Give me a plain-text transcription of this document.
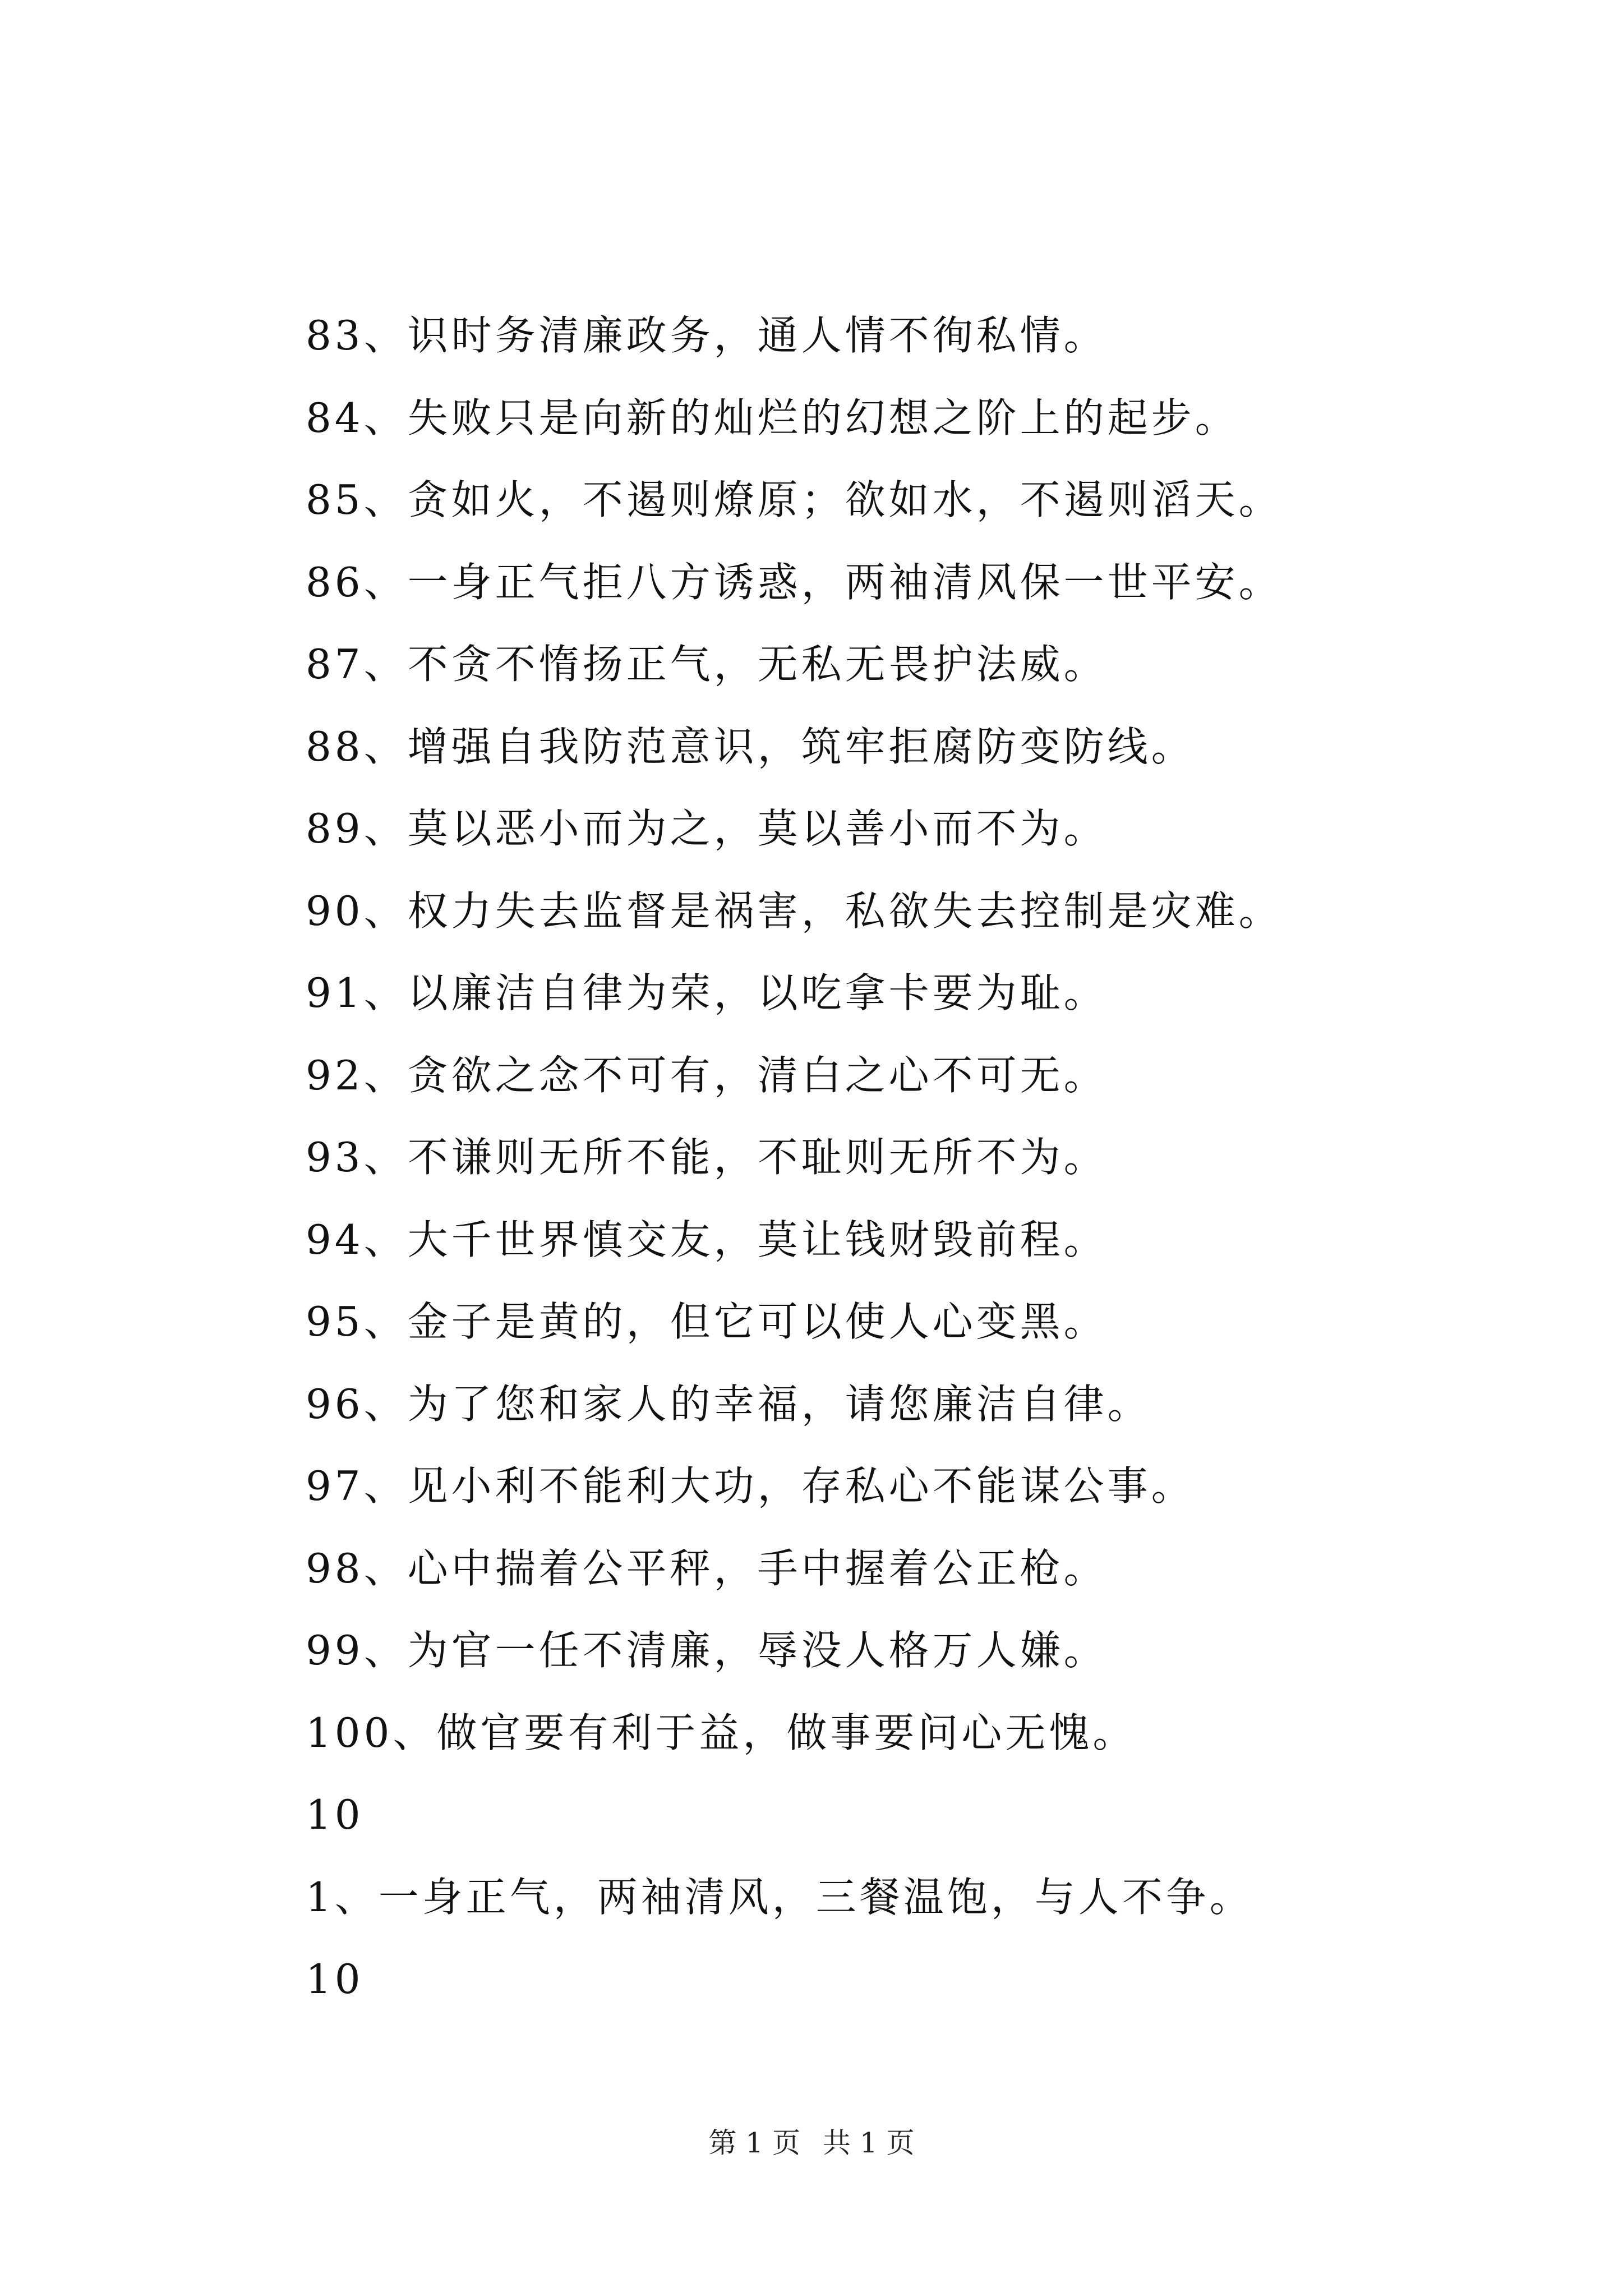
83、识时务清廉政务，通人情不徇私情。
84、失败只是向新的灿烂的幻想之阶上的起步。
85、贪如火，不遏则燎原；欲如水，不遏则滔天。
86、一身正气拒八方诱惑，两袖清风保一世平安。
87、不贪不惰扬正气，无私无畏护法威。
88、增强自我防范意识，筑牢拒腐防变防线。
89、莫以恶小而为之，莫以善小而不为。
90、权力失去监督是祸害，私欲失去控制是灾难。
91、以廉洁自律为荣，以吃拿卡要为耻。
92、贪欲之念不可有，清白之心不可无。
93、不谦则无所不能，不耻则无所不为。
94、大千世界慎交友，莫让钱财毁前程。
95、金子是黄的，但它可以使人心变黑。
96、为了您和家人的幸福，请您廉洁自律。
97、见小利不能利大功，存私心不能谋公事。
98、心中揣着公平秤，手中握着公正枪。
99、为官一任不清廉，辱没人格万人嫌。
100、做官要有利于益，做事要问心无愧。
10
1、一身正气，两袖清风，三餐温饱，与人不争。
10
第 1 页 共 1 页
